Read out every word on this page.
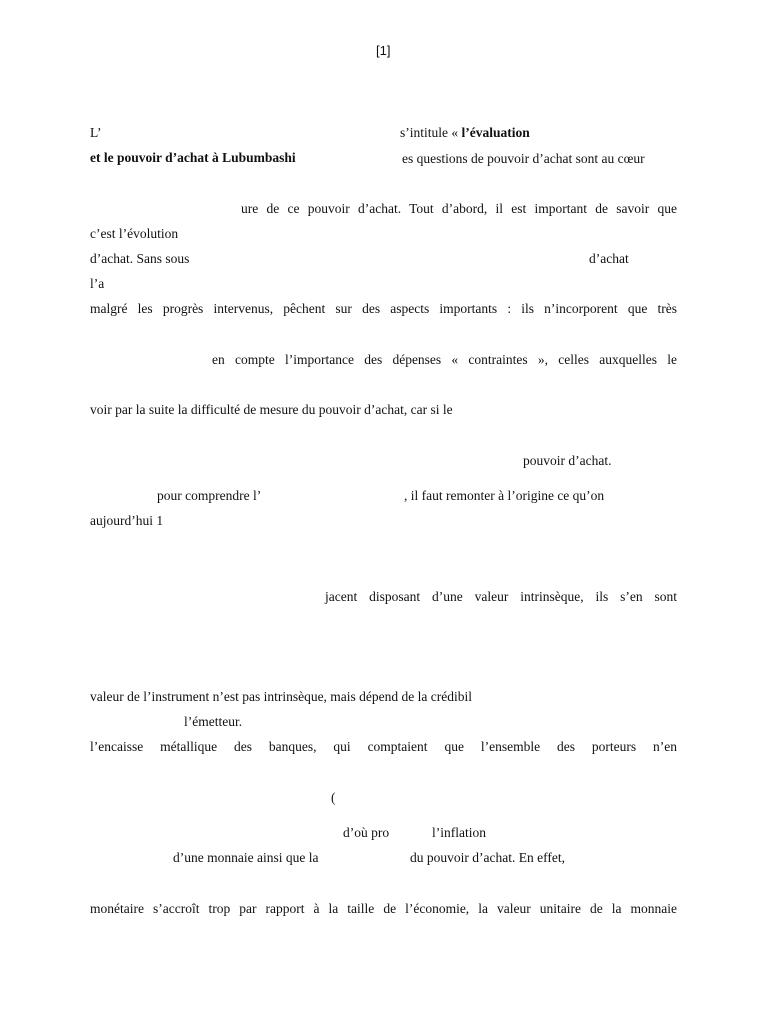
[1]
L’	s’intitule « l’évaluation
et le pouvoir d’achat à Lubumbashi	es questions de pouvoir d’achat sont au cœur
ure de ce pouvoir d’achat. Tout d’abord, il est important de savoir que
c’est l’évolution
d’achat. Sans sous	d’achat
l’a
malgré les progrès intervenus, pêchent sur des aspects importants : ils n’incorporent que très
en compte l’importance des dépenses « contraintes », celles auxquelles le
voir par la suite la difficulté de mesure du pouvoir d’achat, car si le
pouvoir d’achat.
pour comprendre l’	, il faut remonter à l’origine ce qu’on
aujourd’hui 1
jacent disposant d’une valeur intrinsèque, ils s’en sont
valeur de l’instrument n’est pas intrinsèque, mais dépend de la crédibil
l’émetteur.
l’encaisse métallique des banques, qui comptaient que l’ensemble des porteurs n’en
(
d’où pro	l’inflation
d’une monnaie ainsi que la	du pouvoir d’achat. En effet,
monétaire s’accroît trop par rapport à la taille de l’économie, la valeur unitaire de la monnaie
